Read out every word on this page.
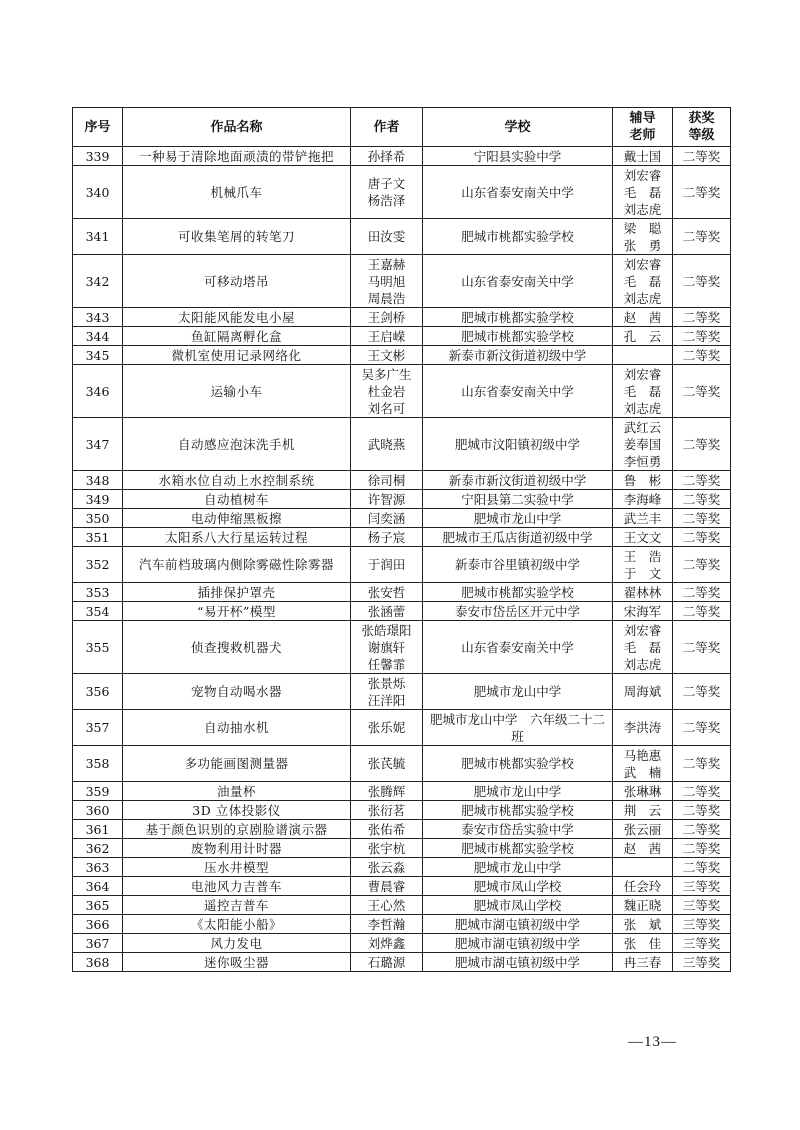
序号	作品名称	作者	学校	辅导
老师	获奖
等级

339	一种易于清除地面顽渍的带铲拖把	孙择希	宁阳县实验中学	戴士国	二等奖
340	机械爪车	唐子文
杨浩泽	山东省泰安南关中学	刘宏睿
毛　磊
刘志虎	二等奖
341	可收集笔屑的转笔刀	田汝雯	肥城市桃都实验学校	梁　聪
张　勇	二等奖
342	可移动塔吊	王嘉赫
马明旭
周晨浩	山东省泰安南关中学	刘宏睿
毛　磊
刘志虎	二等奖
343	太阳能风能发电小屋	王剑桥	肥城市桃都实验学校	赵　茜	二等奖
344	鱼缸隔离孵化盒	王启嵘	肥城市桃都实验学校	孔　云	二等奖
345	微机室使用记录网络化	王文彬	新泰市新汶街道初级中学		二等奖
346	运输小车	吴多广生
杜金岩
刘名可	山东省泰安南关中学	刘宏睿
毛　磊
刘志虎	二等奖
347	自动感应泡沫洗手机	武晓燕	肥城市汶阳镇初级中学	武红云
姜奉国
李恒勇	二等奖
348	水箱水位自动上水控制系统	徐司桐	新泰市新汶街道初级中学	鲁　彬	二等奖
349	自动植树车	许智源	宁阳县第二实验中学	李海峰	二等奖
350	电动伸缩黑板擦	闫奕涵	肥城市龙山中学	武兰丰	二等奖
351	太阳系八大行星运转过程	杨子宸	肥城市王瓜店街道初级中学	王文文	二等奖
352	汽车前档玻璃内侧除雾磁性除雾器	于润田	新泰市谷里镇初级中学	王　浩
于　文	二等奖
353	插排保护罩壳	张安哲	肥城市桃都实验学校	翟林林	二等奖
354	“易开杯”模型	张涵蕾	泰安市岱岳区开元中学	宋海军	二等奖
355	侦查搜救机器犬	张皓璟阳
谢旗轩
任馨霏	山东省泰安南关中学	刘宏睿
毛　磊
刘志虎	二等奖
356	宠物自动喝水器	张景烁
汪洋阳	肥城市龙山中学	周海斌	二等奖
357	自动抽水机	张乐妮	肥城市龙山中学　六年级二十二班	李洪涛	二等奖
358	多功能画图测量器	张芪毓	肥城市桃都实验学校	马艳惠
武　楠	二等奖
359	油量杯	张腾辉	肥城市龙山中学	张琳琳	二等奖
360	3D 立体投影仪	张衍茗	肥城市桃都实验学校	荆　云	二等奖
361	基于颜色识别的京剧脸谱演示器	张佑希	泰安市岱岳实验中学	张云丽	二等奖
362	废物利用计时器	张宇杭	肥城市桃都实验学校	赵　茜	二等奖
363	压水井模型	张云淼	肥城市龙山中学		二等奖
364	电池风力吉普车	曹晨睿	肥城市凤山学校	任会玲	三等奖
365	遥控吉普车	王心然	肥城市凤山学校	魏正晓	三等奖
366	《太阳能小船》	李哲瀚	肥城市湖屯镇初级中学	张　斌	三等奖
367	风力发电	刘烨鑫	肥城市湖屯镇初级中学	张　佳	三等奖
368	迷你吸尘器	石璐源	肥城市湖屯镇初级中学	冉三春	三等奖
—13—
